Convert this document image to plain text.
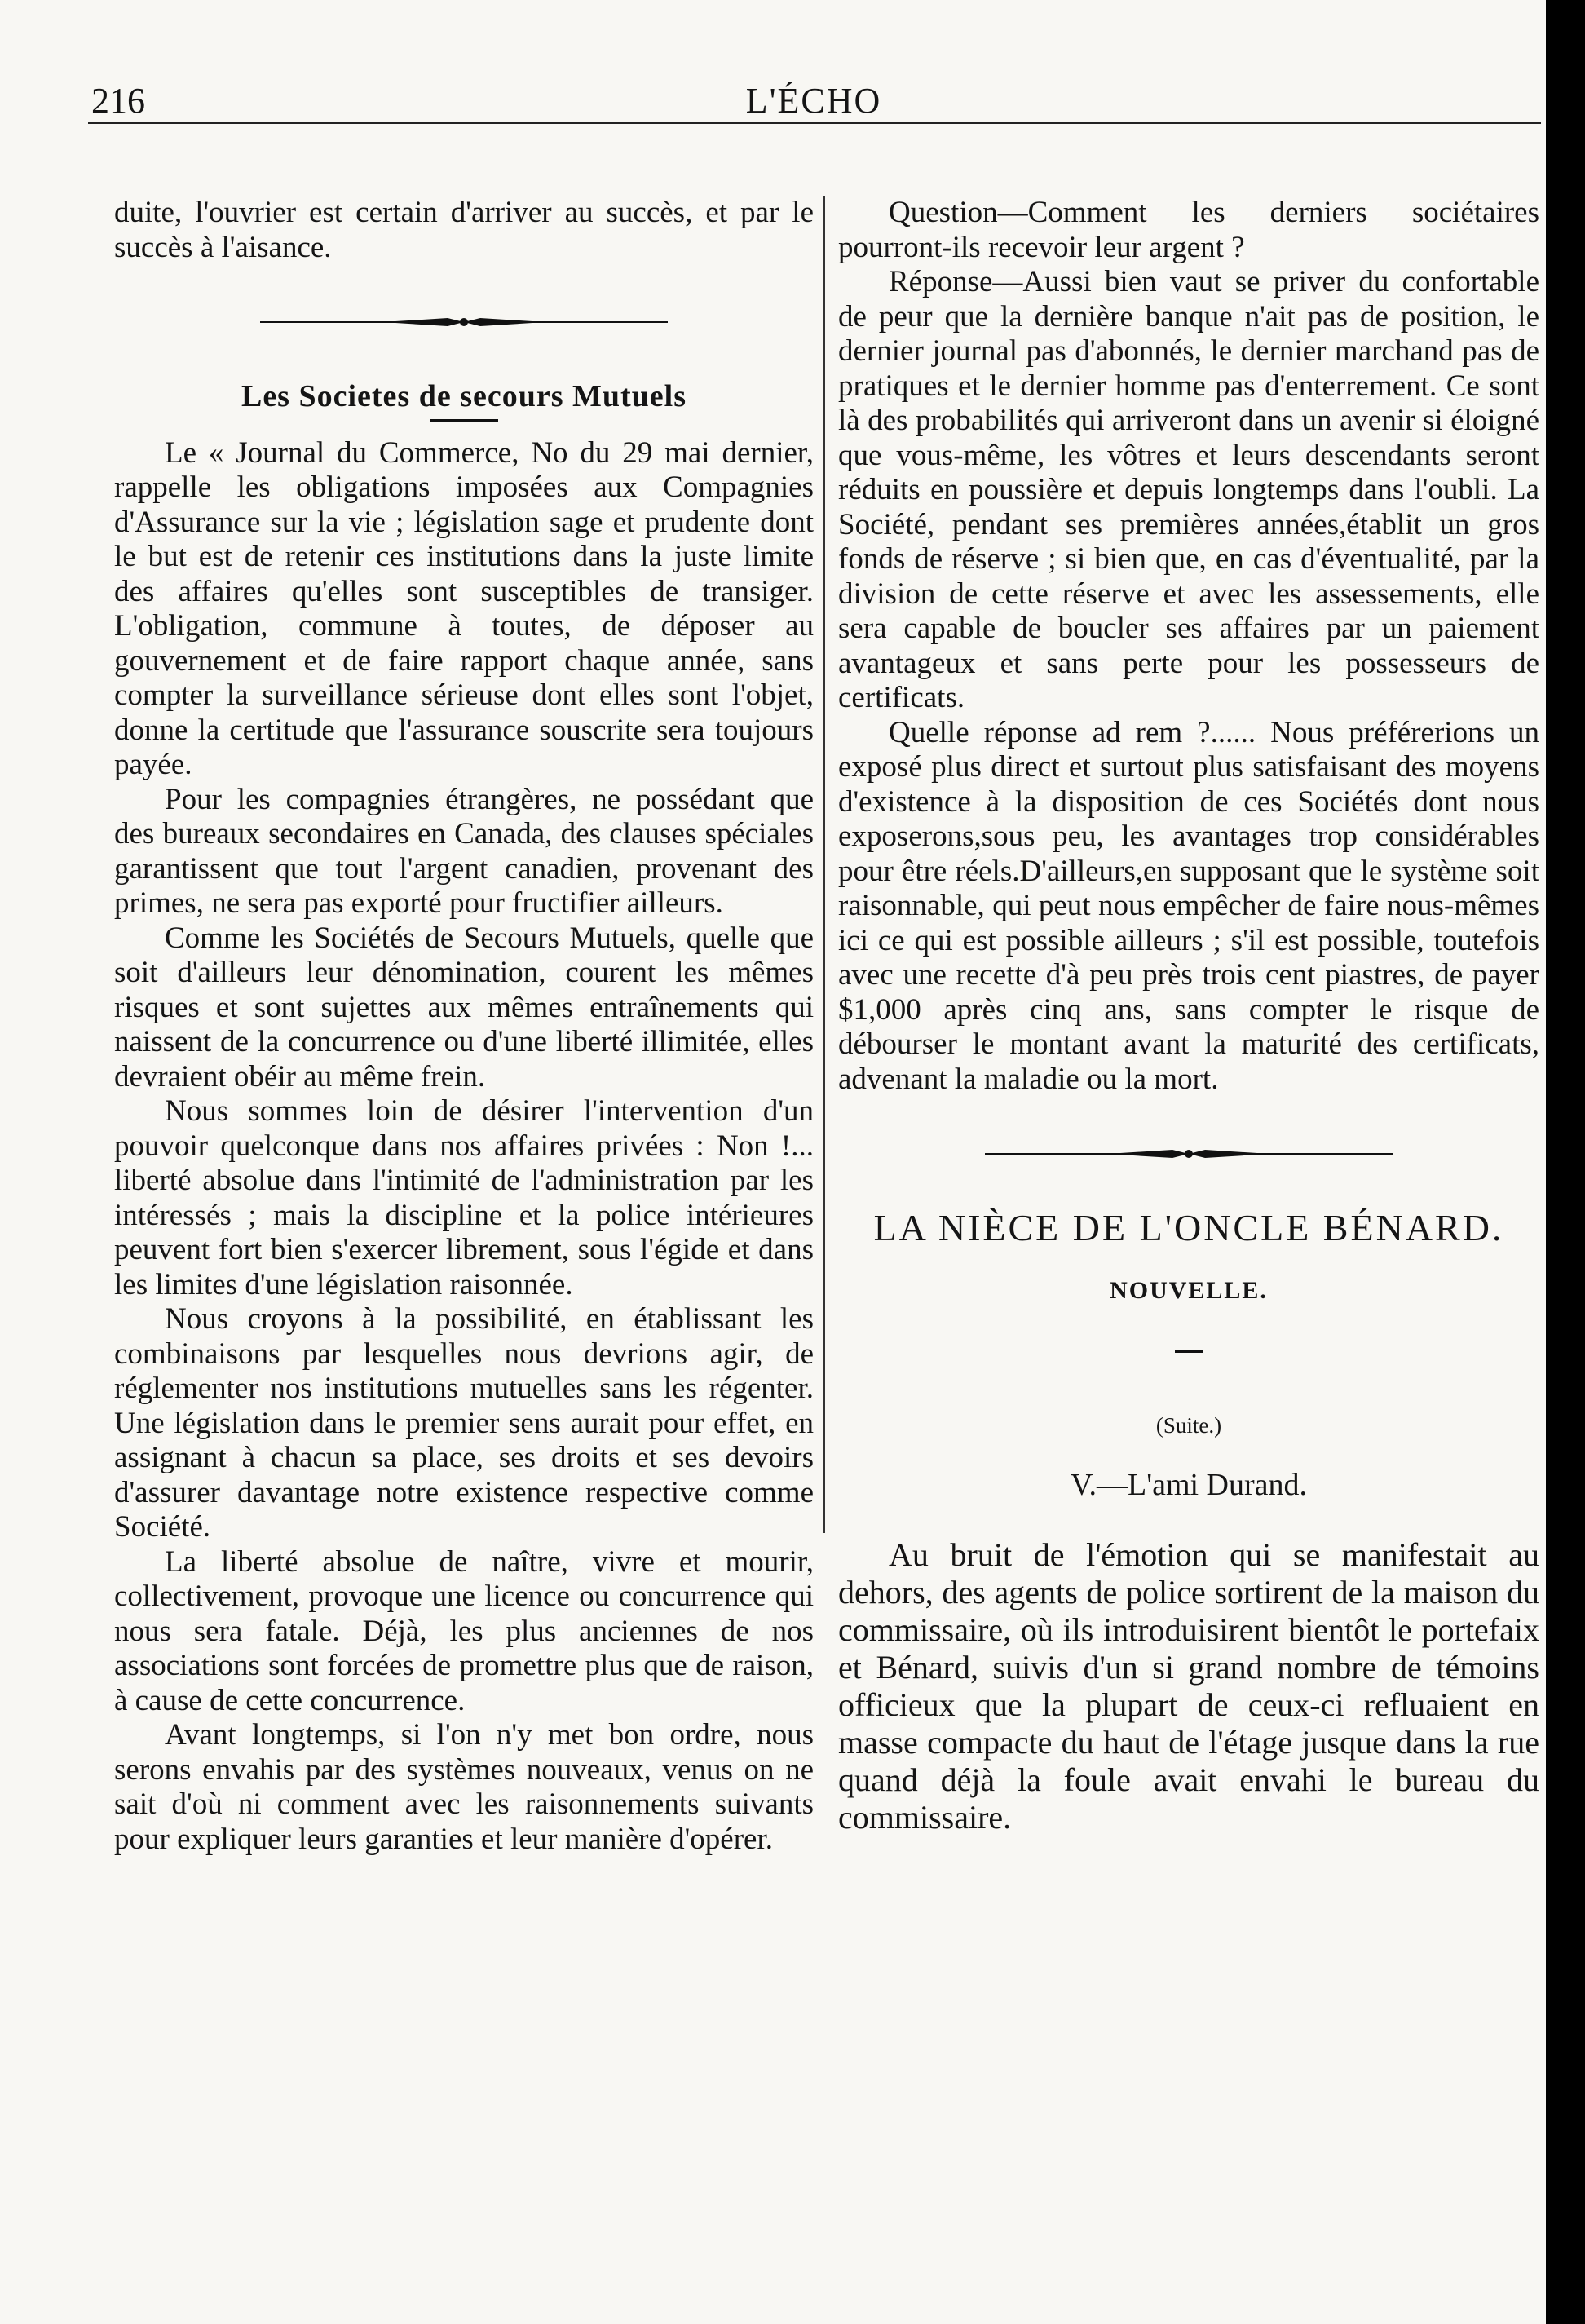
216	L'ÉCHO

duite, l'ouvrier est certain d'arriver au succès, et par le succès à l'aisance.

Les Societes de secours Mutuels

Le « Journal du Commerce, No du 29 mai dernier, rappelle les obligations imposées aux Compagnies d'Assurance sur la vie ; législation sage et prudente dont le but est de retenir ces institutions dans la juste limite des affaires qu'elles sont susceptibles de transiger. L'obligation, commune à toutes, de déposer au gouvernement et de faire rapport chaque année, sans compter la surveillance sérieuse dont elles sont l'objet, donne la certitude que l'assurance souscrite sera toujours payée.

Pour les compagnies étrangères, ne possédant que des bureaux secondaires en Canada, des clauses spéciales garantissent que tout l'argent canadien, provenant des primes, ne sera pas exporté pour fructifier ailleurs.

Comme les Sociétés de Secours Mutuels, quelle que soit d'ailleurs leur dénomination, courent les mêmes risques et sont sujettes aux mêmes entraînements qui naissent de la concurrence ou d'une liberté illimitée, elles devraient obéir au même frein.

Nous sommes loin de désirer l'intervention d'un pouvoir quelconque dans nos affaires privées : Non !... liberté absolue dans l'intimité de l'administration par les intéressés ; mais la discipline et la police intérieures peuvent fort bien s'exercer librement, sous l'égide et dans les limites d'une législation raisonnée.

Nous croyons à la possibilité, en établissant les combinaisons par lesquelles nous devrions agir, de réglementer nos institutions mutuelles sans les régenter. Une législation dans le premier sens aurait pour effet, en assignant à chacun sa place, ses droits et ses devoirs d'assurer davantage notre existence respective comme Société.

La liberté absolue de naître, vivre et mourir, collectivement, provoque une licence ou concurrence qui nous sera fatale. Déjà, les plus anciennes de nos associations sont forcées de promettre plus que de raison, à cause de cette concurrence.

Avant longtemps, si l'on n'y met bon ordre, nous serons envahis par des systèmes nouveaux, venus on ne sait d'où ni comment avec les raisonnements suivants pour expliquer leurs garanties et leur manière d'opérer.

Question—Comment les derniers sociétaires pourront-ils recevoir leur argent ?

Réponse—Aussi bien vaut se priver du confortable de peur que la dernière banque n'ait pas de position, le dernier journal pas d'abonnés, le dernier marchand pas de pratiques et le dernier homme pas d'enterrement. Ce sont là des probabilités qui arriveront dans un avenir si éloigné que vous-même, les vôtres et leurs descendants seront réduits en poussière et depuis longtemps dans l'oubli. La Société, pendant ses premières années,établit un gros fonds de réserve ; si bien que, en cas d'éventualité, par la division de cette réserve et avec les assessements, elle sera capable de boucler ses affaires par un paiement avantageux et sans perte pour les possesseurs de certificats.

Quelle réponse ad rem ?...... Nous préférerions un exposé plus direct et surtout plus satisfaisant des moyens d'existence à la disposition de ces Sociétés dont nous exposerons,sous peu, les avantages trop considérables pour être réels.D'ailleurs,en supposant que le système soit raisonnable, qui peut nous empêcher de faire nous-mêmes ici ce qui est possible ailleurs ; s'il est possible, toutefois avec une recette d'à peu près trois cent piastres, de payer $1,000 après cinq ans, sans compter le risque de débourser le montant avant la maturité des certificats, advenant la maladie ou la mort.

LA NIÈCE DE L'ONCLE BÉNARD.
NOUVELLE.
(Suite.)
V.—L'ami Durand.

Au bruit de l'émotion qui se manifestait au dehors, des agents de police sortirent de la maison du commissaire, où ils introduisirent bientôt le portefaix et Bénard, suivis d'un si grand nombre de témoins officieux que la plupart de ceux-ci refluaient en masse compacte du haut de l'étage jusque dans la rue quand déjà la foule avait envahi le bureau du commissaire.
